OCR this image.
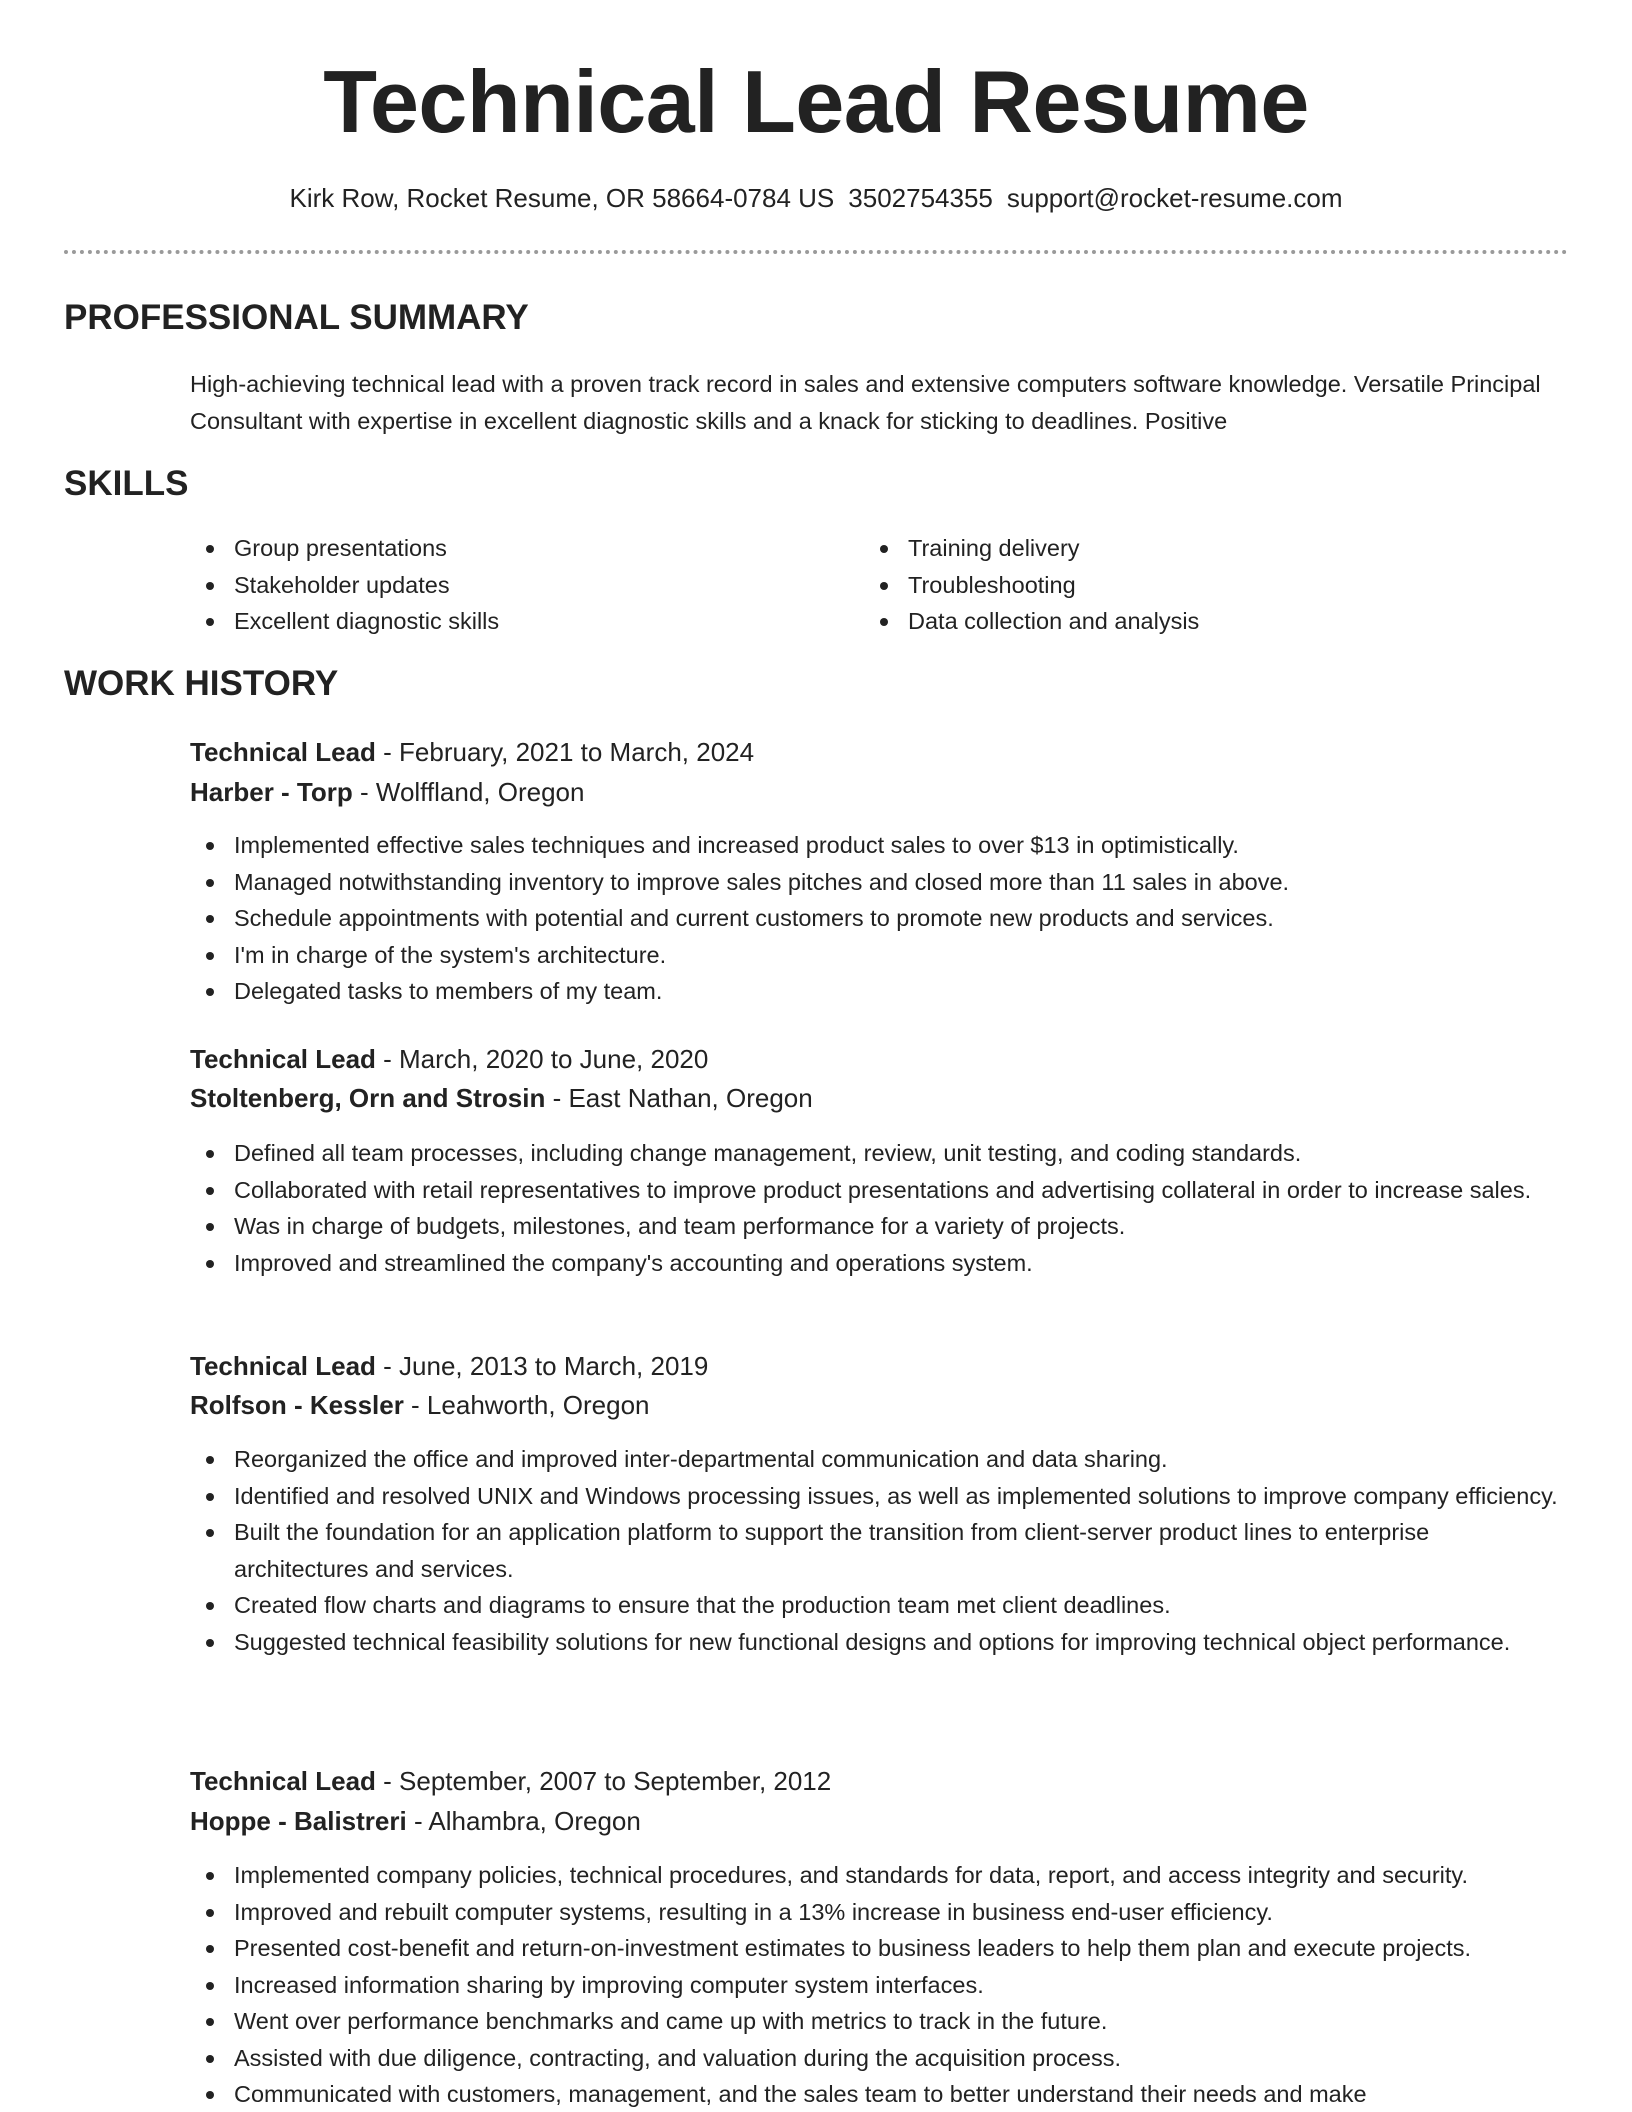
Technical Lead Resume
Kirk Row, Rocket Resume, OR 58664-0784 US 3502754355 support@rocket-resume.com
PROFESSIONAL SUMMARY

High-achieving technical lead with a proven track record in sales and extensive computers software knowledge. Versatile Principal Consultant with expertise in excellent diagnostic skills and a knack for sticking to deadlines. Positive

SKILLS
Group presentations
Stakeholder updates
Excellent diagnostic skills
Training delivery
Troubleshooting
Data collection and analysis
WORK HISTORY
Technical Lead - February, 2021 to March, 2024
Harber - Torp - Wolffland, Oregon
Implemented effective sales techniques and increased product sales to over $13 in optimistically.
Managed notwithstanding inventory to improve sales pitches and closed more than 11 sales in above.
Schedule appointments with potential and current customers to promote new products and services.
I'm in charge of the system's architecture.
Delegated tasks to members of my team.
Technical Lead - March, 2020 to June, 2020
Stoltenberg, Orn and Strosin - East Nathan, Oregon
Defined all team processes, including change management, review, unit testing, and coding standards.
Collaborated with retail representatives to improve product presentations and advertising collateral in order to increase sales.
Was in charge of budgets, milestones, and team performance for a variety of projects.
Improved and streamlined the company's accounting and operations system.
Technical Lead - June, 2013 to March, 2019
Rolfson - Kessler - Leahworth, Oregon
Reorganized the office and improved inter-departmental communication and data sharing.
Identified and resolved UNIX and Windows processing issues, as well as implemented solutions to improve company efficiency.
Built the foundation for an application platform to support the transition from client-server product lines to enterprise architectures and services.
Created flow charts and diagrams to ensure that the production team met client deadlines.
Suggested technical feasibility solutions for new functional designs and options for improving technical object performance.
Technical Lead - September, 2007 to September, 2012
Hoppe - Balistreri - Alhambra, Oregon
Implemented company policies, technical procedures, and standards for data, report, and access integrity and security.
Improved and rebuilt computer systems, resulting in a 13% increase in business end-user efficiency.
Presented cost-benefit and return-on-investment estimates to business leaders to help them plan and execute projects.
Increased information sharing by improving computer system interfaces.
Went over performance benchmarks and came up with metrics to track in the future.
Assisted with due diligence, contracting, and valuation during the acquisition process.
Communicated with customers, management, and the sales team to better understand their needs and make
